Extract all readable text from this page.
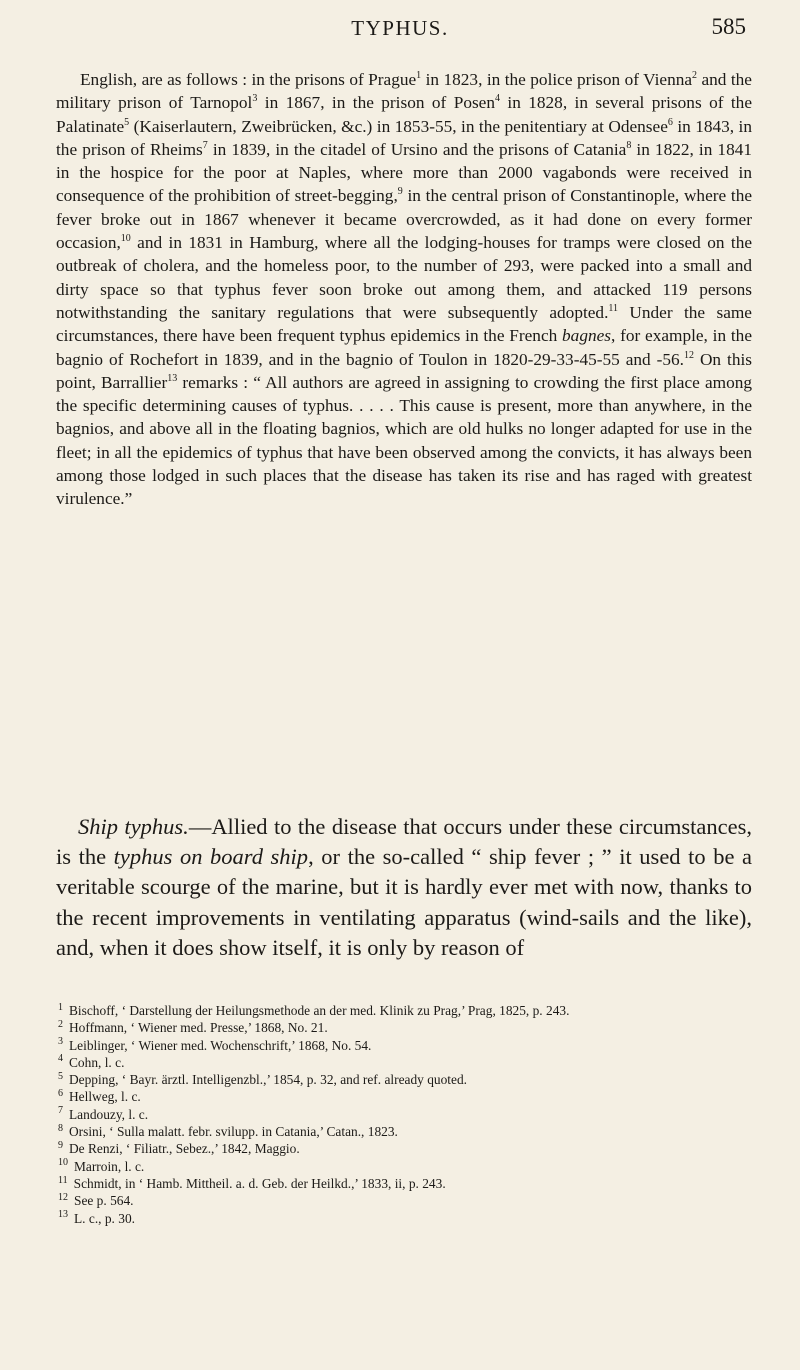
TYPHUS.	585

English, are as follows : in the prisons of Prague$^1$ in 1823, in the police prison of Vienna$^2$ and the military prison of Tarnopol$^3$ in 1867, in the prison of Posen$^4$ in 1828, in several prisons of the Palatinate$^5$ (Kaiserlautern, Zweibrücken, &c.) in 1853-55, in the penitentiary at Odensee$^6$ in 1843, in the prison of Rheims$^7$ in 1839, in the citadel of Ursino and the prisons of Catania$^8$ in 1822, in 1841 in the hospice for the poor at Naples, where more than 2000 vagabonds were received in consequence of the prohibition of street-begging,$^9$ in the central prison of Constantinople, where the fever broke out in 1867 whenever it became overcrowded, as it had done on every former occasion,$^{10}$ and in 1831 in Hamburg, where all the lodging-houses for tramps were closed on the outbreak of cholera, and the homeless poor, to the number of 293, were packed into a small and dirty space so that typhus fever soon broke out among them, and attacked 119 persons notwithstanding the sanitary regulations that were subsequently adopted.$^{11}$ Under the same circumstances, there have been frequent typhus epidemics in the French bagnes, for example, in the bagnio of Rochefort in 1839, and in the bagnio of Toulon in 1820-29-33-45-55 and -56.12 On this point, Barrallier$^{13}$ remarks : “ All authors are agreed in assigning to crowding the first place among the specific determining causes of typhus. . . . . This cause is present, more than anywhere, in the bagnios, and above all in the floating bagnios, which are old hulks no longer adapted for use in the fleet; in all the epidemics of typhus that have been observed among the convicts, it has always been among those lodged in such places that the disease has taken its rise and has raged with greatest virulence.”

Ship typhus.—Allied to the disease that occurs under these circumstances, is the typhus on board ship, or the so-called “ ship fever ; ” it used to be a veritable scourge of the marine, but it is hardly ever met with now, thanks to the recent improvements in ventilating apparatus (wind-sails and the like), and, when it does show itself, it is only by reason of

$^1$ Bischoff, ‘ Darstellung der Heilungsmethode an der med. Klinik zu Prag,’ Prag, 1825, p. 243.

$^2$ Hoffmann, ‘ Wiener med. Presse,’ 1868, No. 21.

$^3$ Leiblinger, ‘ Wiener med. Wochenschrift,’ 1868, No. 54.

$^4$ Cohn, l. c.

$^5$ Depping, ‘ Bayr. ärztl. Intelligenzbl.,’ 1854, p. 32, and ref. already quoted.

$^6$ Hellweg, l. c.

$^7$ Landouzy, l. c.

$^8$ Orsini, ‘ Sulla malatt. febr. svilupp. in Catania,’ Catan., 1823.

$^9$ De Renzi, ‘ Filiatr., Sebez.,’ 1842, Maggio.

$^{10}$ Marroin, l. c.

$^{11}$ Schmidt, in ‘ Hamb. Mittheil. a. d. Geb. der Heilkd.,’ 1833, ii, p. 243.

$^{12}$ See p. 564.

$^{13}$ L. c., p. 30.
